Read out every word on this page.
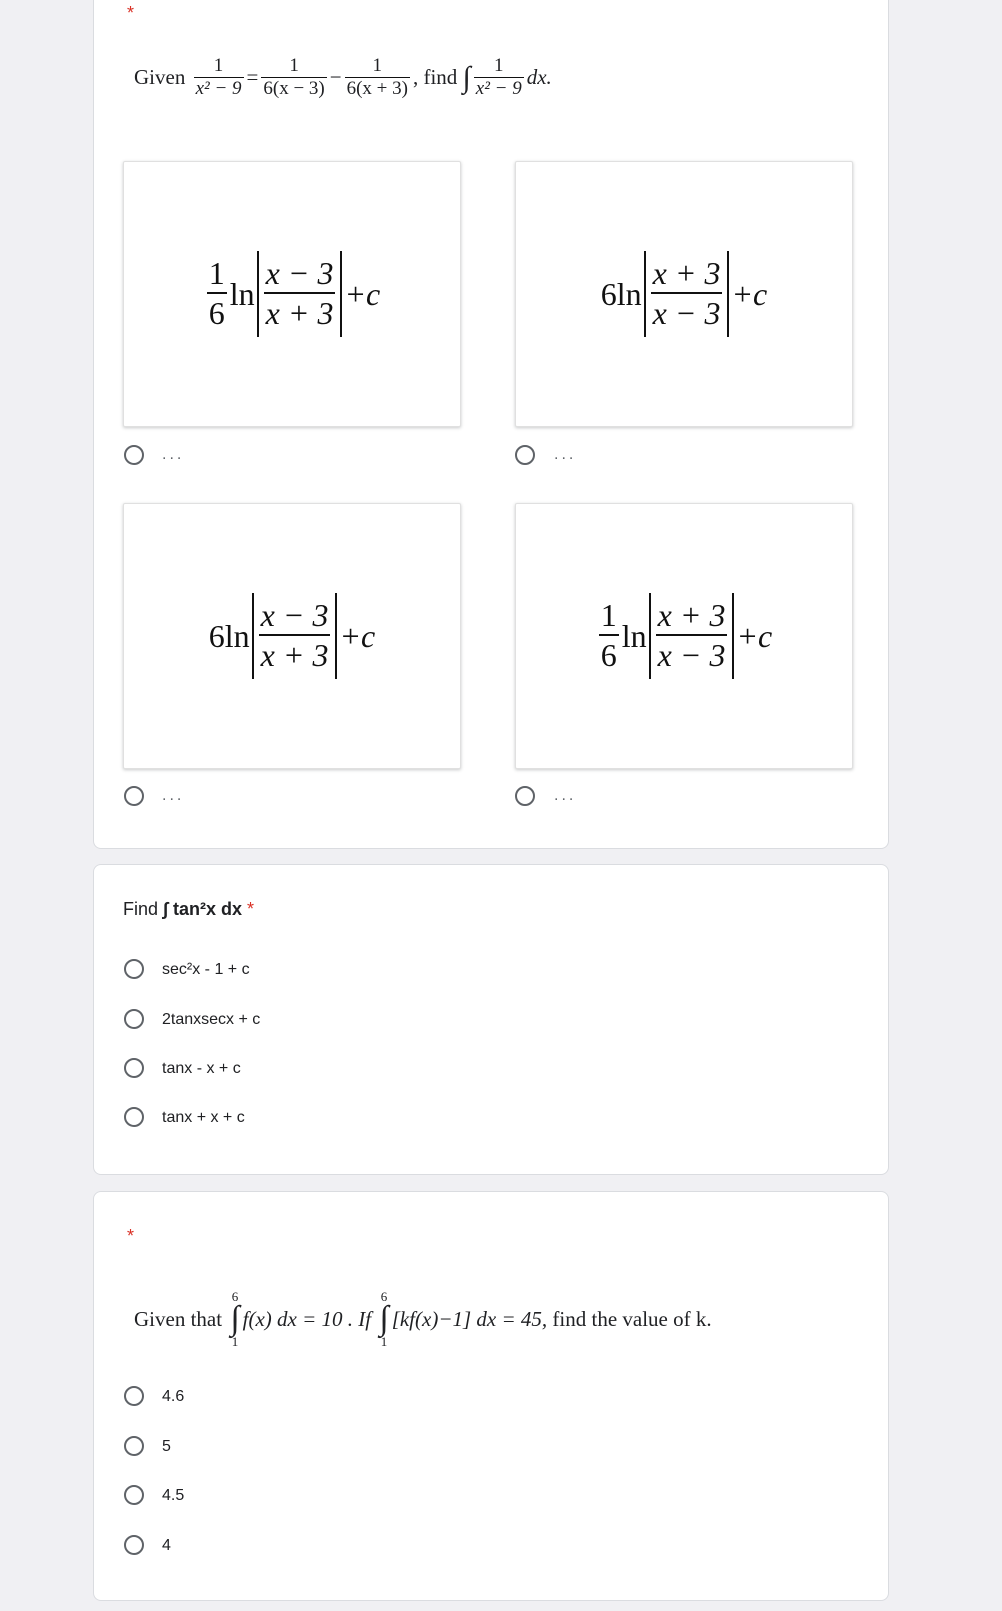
*
Given
$\frac{1}{\text{x² − 9}} = \frac{1}{6(x - 3)} - \frac{1}{6(x + 3)}$ ,
find
∫ $\frac{1}{\text{x² − 9}}$ dx.
$\frac{1}{6}$ $\ln \frac{x - 3}{x + 3} +c$
...
6 $\ln \frac{x + 3}{x - 3} +c$
...
6 $\ln \frac{x - 3}{x + 3} +c$
...
$\frac{1}{6}$ $\ln \frac{x + 3}{x - 3} +c$
...
Find ∫ tan²x dx *
sec²x - 1 + c
2tanxsecx + c
tanx - x + c
tanx + x + c
*
Given that

6
∫
1
f(x) dx = 10 . If

6
∫
1
[kf(x)−1] dx = 45,
find the value of k.
4.6
5
4.5
4
